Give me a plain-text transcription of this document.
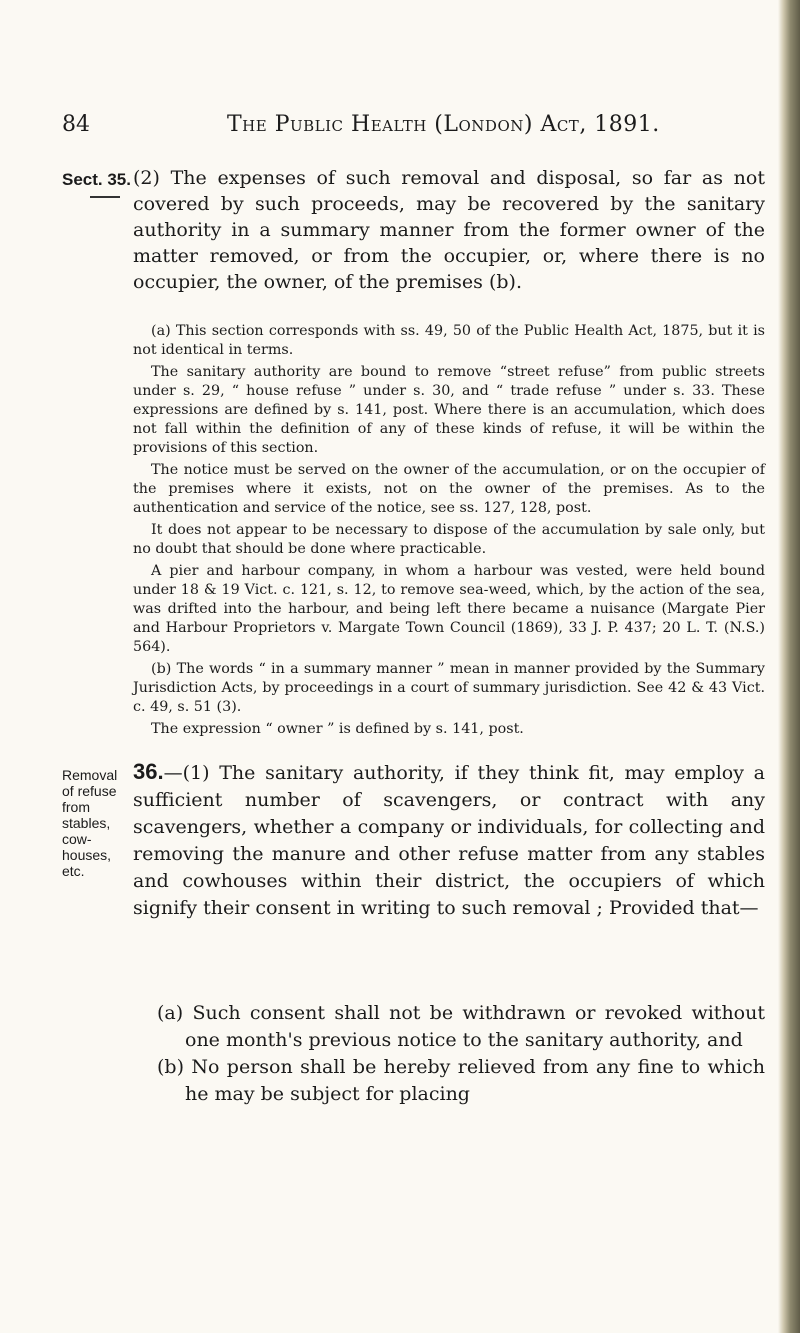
84	The Public Health (London) Act, 1891.
Sect. 35. (2) The expenses of such removal and disposal, so far as not covered by such proceeds, may be recovered by the sanitary authority in a summary manner from the former owner of the matter removed, or from the occupier, or, where there is no occupier, the owner, of the premises (b).

(a) This section corresponds with ss. 49, 50 of the Public Health Act, 1875, but it is not identical in terms.

The sanitary authority are bound to remove “street refuse” from public streets under s. 29, “ house refuse ” under s. 30, and “ trade refuse ” under s. 33. These expressions are defined by s. 141, post. Where there is an accumulation, which does not fall within the definition of any of these kinds of refuse, it will be within the provisions of this section.

The notice must be served on the owner of the accumulation, or on the occupier of the premises where it exists, not on the owner of the premises. As to the authentication and service of the notice, see ss. 127, 128, post.

It does not appear to be necessary to dispose of the accumulation by sale only, but no doubt that should be done where practicable.

A pier and harbour company, in whom a harbour was vested, were held bound under 18 & 19 Vict. c. 121, s. 12, to remove sea-weed, which, by the action of the sea, was drifted into the harbour, and being left there became a nuisance (Margate Pier and Harbour Proprietors v. Margate Town Council (1869), 33 J. P. 437; 20 L. T. (N.S.) 564).

(b) The words “ in a summary manner ” mean in manner provided by the Summary Jurisdiction Acts, by proceedings in a court of summary jurisdiction. See 42 & 43 Vict. c. 49, s. 51 (3).

The expression “ owner ” is defined by s. 141, post.

Removal of refuse from stables, cow-houses, etc.

36.—(1) The sanitary authority, if they think fit, may employ a sufficient number of scavengers, or contract with any scavengers, whether a company or individuals, for collecting and removing the manure and other refuse matter from any stables and cowhouses within their district, the occupiers of which signify their consent in writing to such removal ; Provided that—

(a) Such consent shall not be withdrawn or revoked without one month's previous notice to the sanitary authority, and

(b) No person shall be hereby relieved from any fine to which he may be subject for placing
